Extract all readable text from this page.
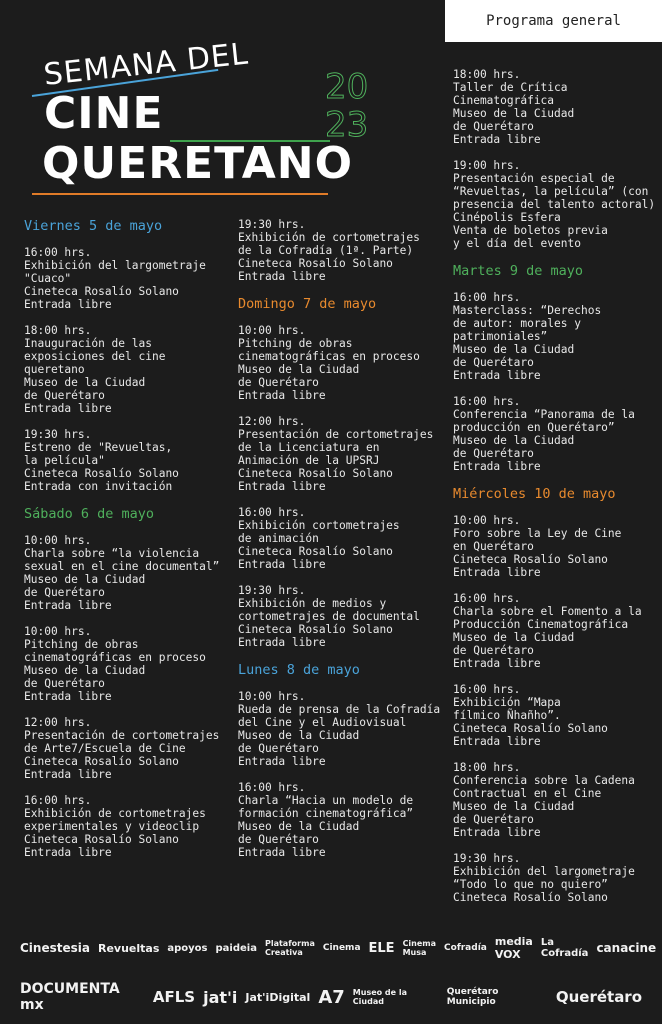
Programa general
SEMANA DEL
CINE
QUERETANO
20
23
Viernes 5 de mayo
16:00 hrs.
Exhibición del largometraje
"Cuaco"
Cineteca Rosalío Solano
Entrada libre
18:00 hrs.
Inauguración de las
exposiciones del cine
queretano
Museo de la Ciudad
de Querétaro
Entrada libre
19:30 hrs.
Estreno de "Revueltas,
la película"
Cineteca Rosalío Solano
Entrada con invitación
Sábado 6 de mayo
10:00 hrs.
Charla sobre “la violencia
sexual en el cine documental”
Museo de la Ciudad
de Querétaro
Entrada libre
10:00 hrs.
Pitching de obras
cinematográficas en proceso
Museo de la Ciudad
de Querétaro
Entrada libre
12:00 hrs.
Presentación de cortometrajes
de Arte7/Escuela de Cine
Cineteca Rosalío Solano
Entrada libre
16:00 hrs.
Exhibición de cortometrajes
experimentales y videoclip
Cineteca Rosalío Solano
Entrada libre
19:30 hrs.
Exhibición de cortometrajes
de la Cofradía (1ª. Parte)
Cineteca Rosalío Solano
Entrada libre
Domingo 7 de mayo
10:00 hrs.
Pitching de obras
cinematográficas en proceso
Museo de la Ciudad
de Querétaro
Entrada libre
12:00 hrs.
Presentación de cortometrajes
de la Licenciatura en
Animación de la UPSRJ
Cineteca Rosalío Solano
Entrada libre
16:00 hrs.
Exhibición cortometrajes
de animación
Cineteca Rosalío Solano
Entrada libre
19:30 hrs.
Exhibición de medios y
cortometrajes de documental
Cineteca Rosalío Solano
Entrada libre
Lunes 8 de mayo
10:00 hrs.
Rueda de prensa de la Cofradía
del Cine y el Audiovisual
Museo de la Ciudad
de Querétaro
Entrada libre
16:00 hrs.
Charla “Hacia un modelo de
formación cinematográfica”
Museo de la Ciudad
de Querétaro
Entrada libre
18:00 hrs.
Taller de Crítica
Cinematográfica
Museo de la Ciudad
de Querétaro
Entrada libre
19:00 hrs.
Presentación especial de
“Revueltas, la película” (con
presencia del talento actoral)
Cinépolis Esfera
Venta de boletos previa
y el día del evento
Martes 9 de mayo
16:00 hrs.
Masterclass: “Derechos
de autor: morales y
patrimoniales”
Museo de la Ciudad
de Querétaro
Entrada libre
16:00 hrs.
Conferencia “Panorama de la
producción en Querétaro”
Museo de la Ciudad
de Querétaro
Entrada libre
Miércoles 10 de mayo
10:00 hrs.
Foro sobre la Ley de Cine
en Querétaro
Cineteca Rosalío Solano
Entrada libre
16:00 hrs.
Charla sobre el Fomento a la
Producción Cinematográfica
Museo de la Ciudad
de Querétaro
Entrada libre
16:00 hrs.
Exhibición “Mapa
fílmico Ñhañho”.
Cineteca Rosalío Solano
Entrada libre
18:00 hrs.
Conferencia sobre la Cadena
Contractual en el Cine
Museo de la Ciudad
de Querétaro
Entrada libre
19:30 hrs.
Exhibición del largometraje
“Todo lo que no quiero”
Cineteca Rosalío Solano
Cinestesia Revueltas apoyos paideia	Plataforma Creativa	Cinema ELE	Cinema Musa	Cofradía media VOX
La Cofradía canacine
DOCUMENTA mx	AFLS jat'i Jat'iDigital A7	Museo de la Ciudad
Querétaro Municipio	Querétaro
